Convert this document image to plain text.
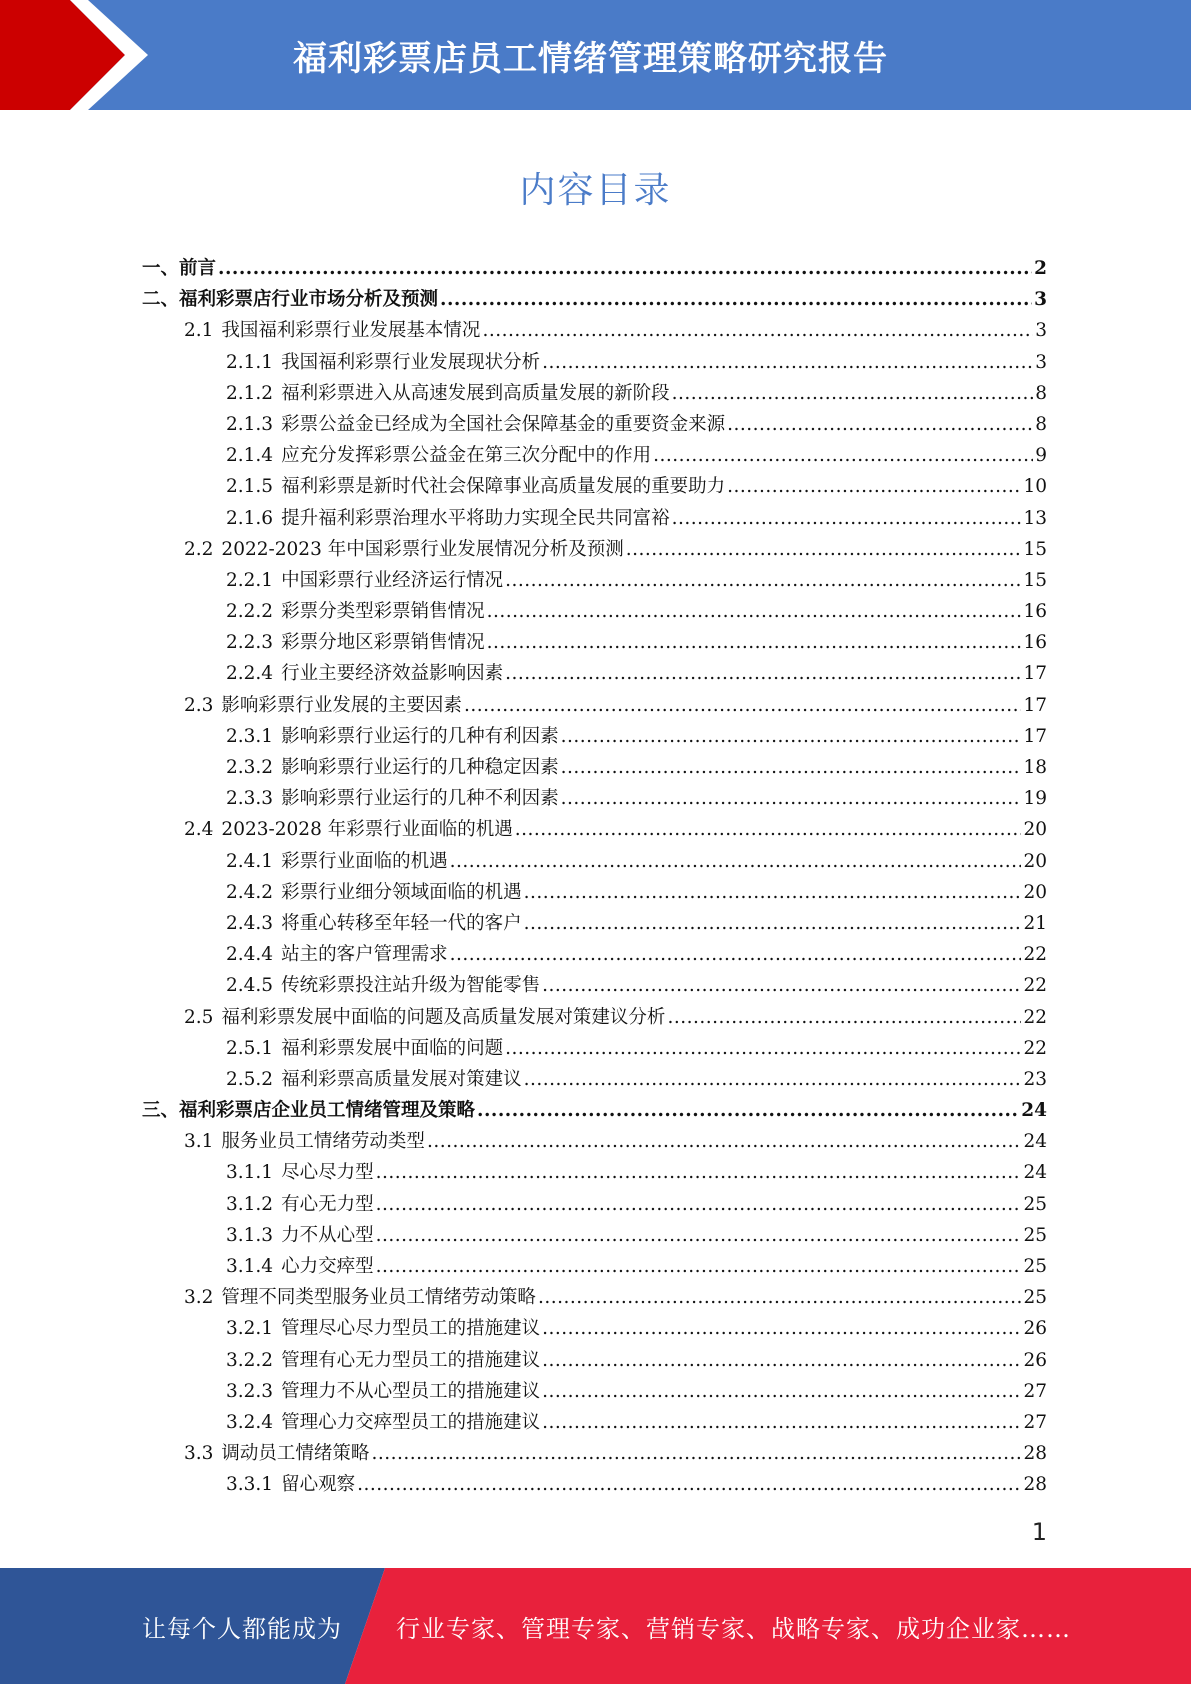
福利彩票店员工情绪管理策略研究报告
内容目录
一、 前言 .....	2
二、 福利彩票店行业市场分析及预测 .....	3
2.1 我国福利彩票行业发展基本情况 .....	3
2.1.1 我国福利彩票行业发展现状分析 .....	3
2.1.2 福利彩票进入从高速发展到高质量发展的新阶段 .....	8
2.1.3 彩票公益金已经成为全国社会保障基金的重要资金来源 .....	8
2.1.4 应充分发挥彩票公益金在第三次分配中的作用 .....	9
2.1.5 福利彩票是新时代社会保障事业高质量发展的重要助力 .....	10
2.1.6 提升福利彩票治理水平将助力实现全民共同富裕 .....	13
2.2 2022-2023 年中国彩票行业发展情况分析及预测 .....	15
2.2.1 中国彩票行业经济运行情况 .....	15
2.2.2 彩票分类型彩票销售情况 .....	16
2.2.3 彩票分地区彩票销售情况 .....	16
2.2.4 行业主要经济效益影响因素 .....	17
2.3 影响彩票行业发展的主要因素 .....	17
2.3.1 影响彩票行业运行的几种有利因素 .....	17
2.3.2 影响彩票行业运行的几种稳定因素 .....	18
2.3.3 影响彩票行业运行的几种不利因素 .....	19
2.4 2023-2028 年彩票行业面临的机遇 .....	20
2.4.1 彩票行业面临的机遇 .....	20
2.4.2 彩票行业细分领域面临的机遇 .....	20
2.4.3 将重心转移至年轻一代的客户 .....	21
2.4.4 站主的客户管理需求 .....	22
2.4.5 传统彩票投注站升级为智能零售 .....	22
2.5 福利彩票发展中面临的问题及高质量发展对策建议分析 .....	22
2.5.1 福利彩票发展中面临的问题 .....	22
2.5.2 福利彩票高质量发展对策建议 .....	23
三、 福利彩票店企业员工情绪管理及策略 .....	24
3.1 服务业员工情绪劳动类型 .....	24
3.1.1 尽心尽力型 .....	24
3.1.2 有心无力型 .....	25
3.1.3 力不从心型 .....	25
3.1.4 心力交瘁型 .....	25
3.2 管理不同类型服务业员工情绪劳动策略 .....	25
3.2.1 管理尽心尽力型员工的措施建议 .....	26
3.2.2 管理有心无力型员工的措施建议 .....	26
3.2.3 管理力不从心型员工的措施建议 .....	27
3.2.4 管理心力交瘁型员工的措施建议 .....	27
3.3 调动员工情绪策略 .....	28
3.3.1 留心观察 .....	28
1
让每个人都能成为 行业专家、管理专家、营销专家、战略专家、成功企业家……
